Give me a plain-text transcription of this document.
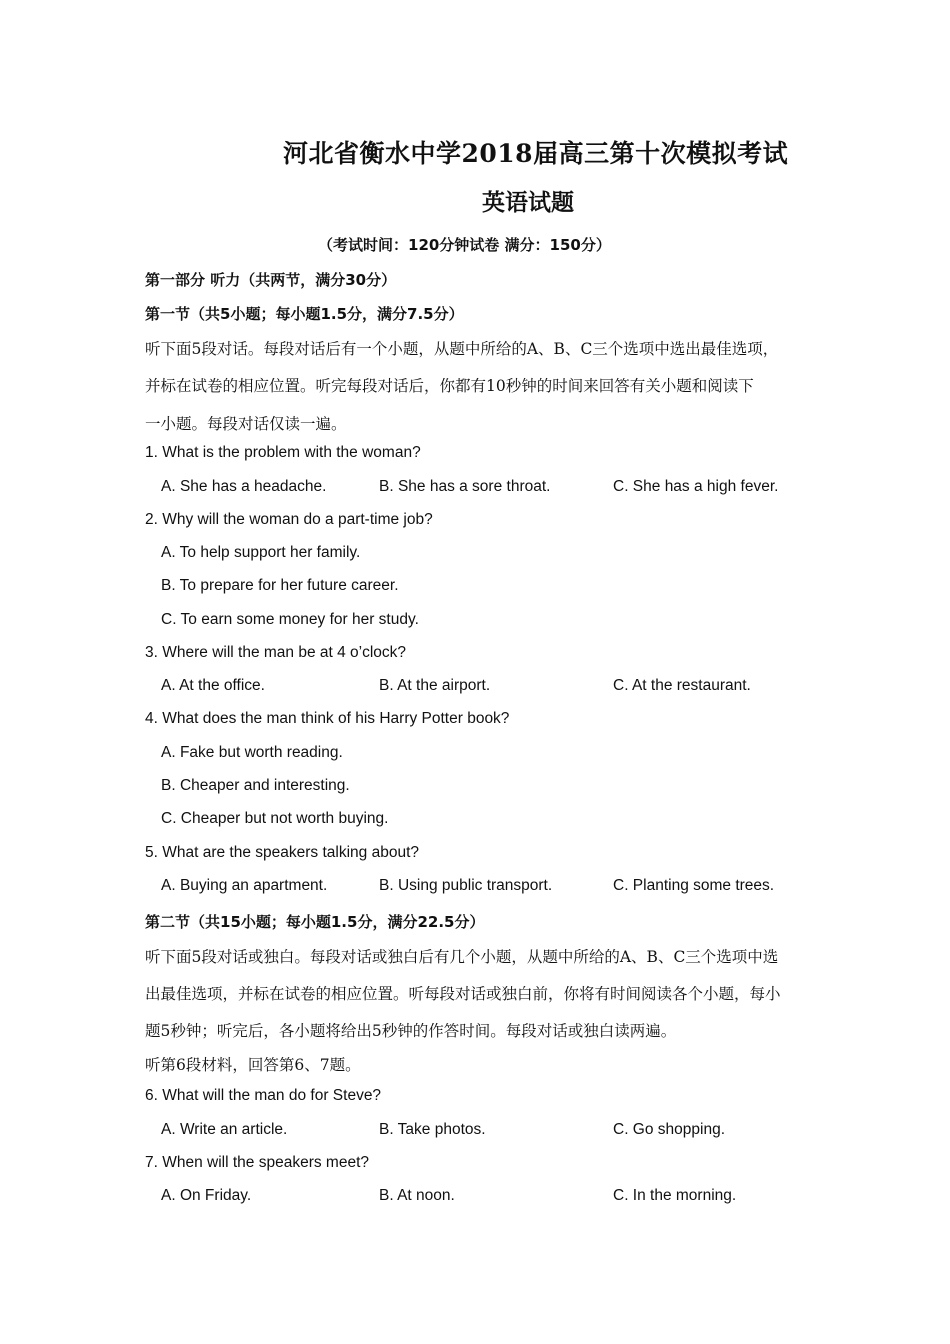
河北省衡水中学2018届高三第十次模拟考试
英语试题
（考试时间：120分钟试卷 满分：150分）
第一部分 听力（共两节，满分30分）
第一节（共5小题；每小题1.5分，满分7.5分）
听下面5段对话。每段对话后有一个小题，从题中所给的A、B、C三个选项中选出最佳选项，
并标在试卷的相应位置。听完每段对话后，你都有10秒钟的时间来回答有关小题和阅读下
一小题。每段对话仅读一遍。
1. What is the problem with the woman?
A. She has a headache.	B. She has a sore throat.	C. She has a high fever.
2. Why will the woman do a part-time job?
A. To help support her family.
B. To prepare for her future career.
C. To earn some money for her study.
3. Where will the man be at 4 o’clock?
A. At the office.	B. At the airport.	C. At the restaurant.
4. What does the man think of his Harry Potter book?
A. Fake but worth reading.
B. Cheaper and interesting.
C. Cheaper but not worth buying.
5. What are the speakers talking about?
A. Buying an apartment.	B. Using public transport.	C. Planting some trees.
第二节（共15小题；每小题1.5分，满分22.5分）
听下面5段对话或独白。每段对话或独白后有几个小题，从题中所给的A、B、C三个选项中选
出最佳选项，并标在试卷的相应位置。听每段对话或独白前，你将有时间阅读各个小题，每小
题5秒钟；听完后，各小题将给出5秒钟的作答时间。每段对话或独白读两遍。
听第6段材料，回答第6、7题。
6. What will the man do for Steve?
A. Write an article.	B. Take photos.	C. Go shopping.
7. When will the speakers meet?
A. On Friday.	B. At noon.	C. In the morning.
